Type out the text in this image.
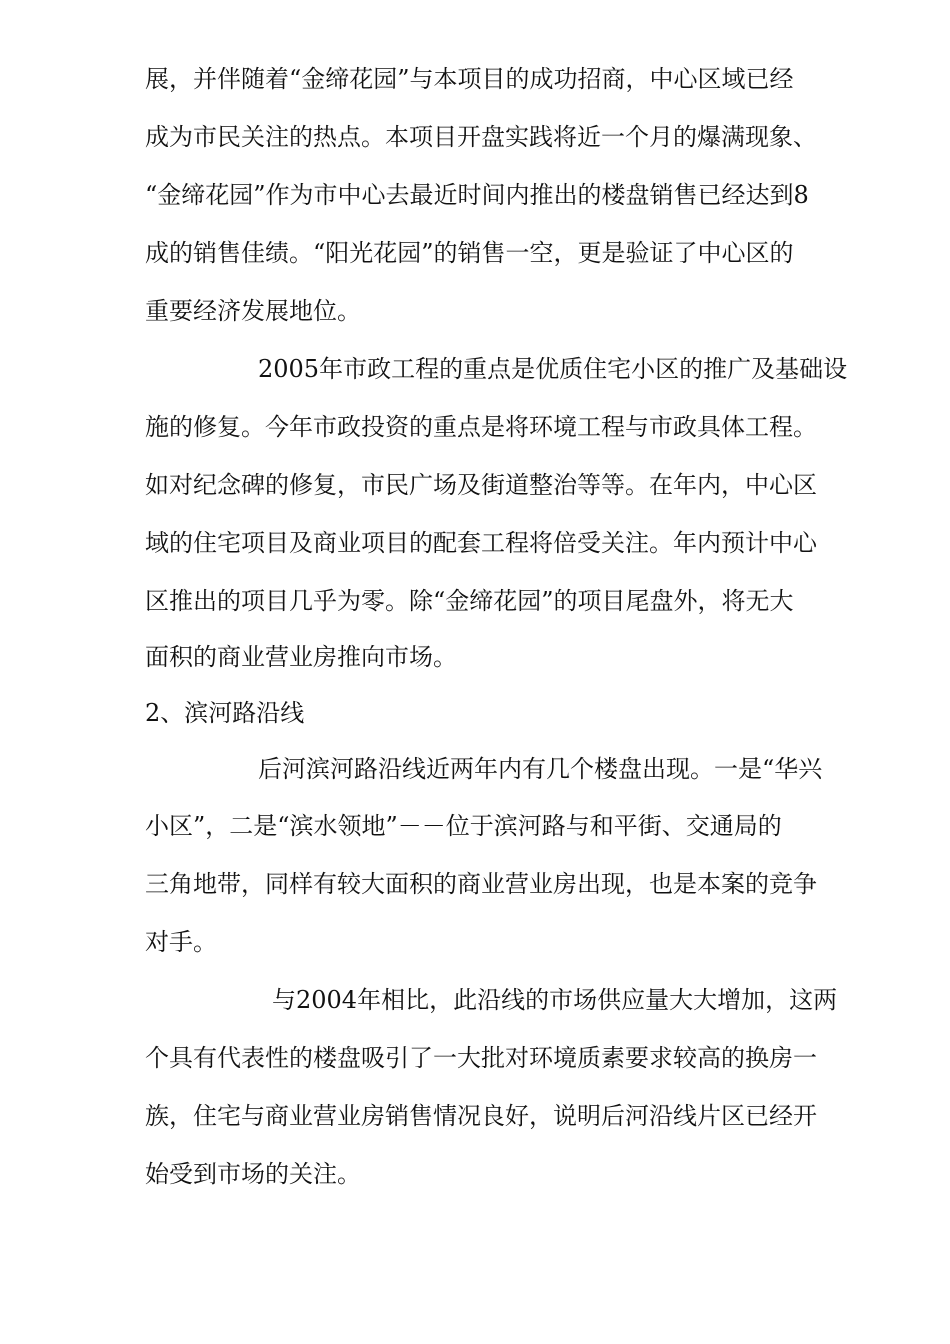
展，并伴随着“金缔花园”与本项目的成功招商，中心区域已经
成为市民关注的热点。本项目开盘实践将近一个月的爆满现象、
“金缔花园”作为市中心去最近时间内推出的楼盘销售已经达到8
成的销售佳绩。“阳光花园”的销售一空，更是验证了中心区的
重要经济发展地位。
2005年市政工程的重点是优质住宅小区的推广及基础设
施的修复。今年市政投资的重点是将环境工程与市政具体工程。
如对纪念碑的修复，市民广场及街道整治等等。在年内，中心区
域的住宅项目及商业项目的配套工程将倍受关注。年内预计中心
区推出的项目几乎为零。除“金缔花园”的项目尾盘外，将无大
面积的商业营业房推向市场。
2、滨河路沿线
后河滨河路沿线近两年内有几个楼盘出现。一是“华兴
小区”，二是“滨水领地”－－位于滨河路与和平街、交通局的
三角地带，同样有较大面积的商业营业房出现，也是本案的竞争
对手。
与2004年相比，此沿线的市场供应量大大增加，这两
个具有代表性的楼盘吸引了一大批对环境质素要求较高的换房一
族，住宅与商业营业房销售情况良好，说明后河沿线片区已经开
始受到市场的关注。
